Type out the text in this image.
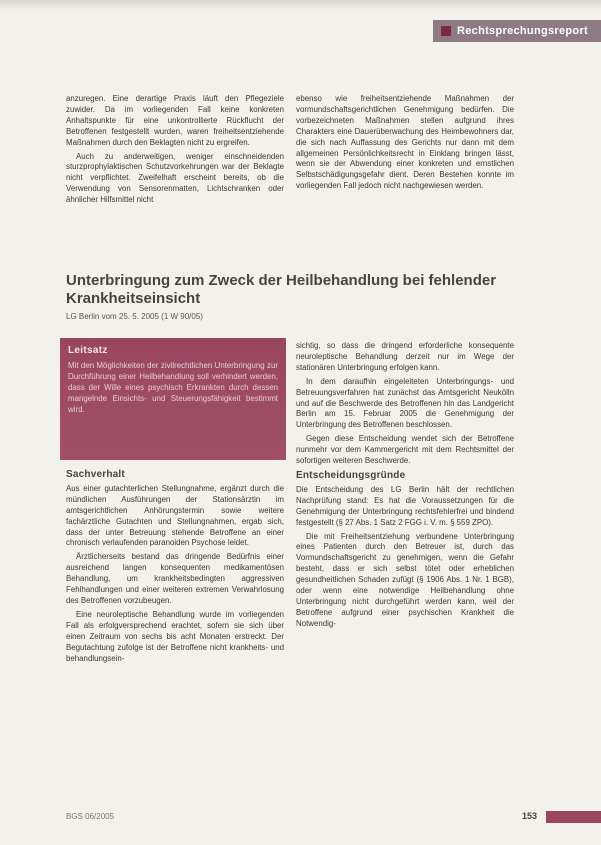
Rechtsprechungsreport

anzuregen. Eine derartige Praxis läuft den Pflegeziele zuwider. Da im vorliegenden Fall keine konkreten Anhaltspunkte für eine unkontrollierte Rückflucht der Betroffenen festgestellt wurden, waren freiheitsentziehende Maßnahmen durch den Beklagten nicht zu ergreifen.

Auch zu anderweitigen, weniger einschneidenden sturzprophylaktischen Schutzvorkehrungen war der Beklagte nicht verpflichtet. Zweifelhaft erscheint bereits, ob die Verwendung von Sensorenmatten, Lichtschranken oder ähnlicher Hilfsmittel nicht

ebenso wie freiheitsentziehende Maßnahmen der vormundschaftsgerichtlichen Genehmigung bedürfen. Die vorbezeichneten Maßnahmen stellen aufgrund ihres Charakters eine Dauerüberwachung des Heimbewohners dar, die sich nach Auffassung des Gerichts nur dann mit dem allgemeinen Persönlichkeitsrecht in Einklang bringen lässt, wenn sie der Abwendung einer konkreten und ernstlichen Selbstschädigungsgefahr dient. Deren Bestehen konnte im vorliegenden Fall jedoch nicht nachgewiesen werden.

Unterbringung zum Zweck der Heilbehandlung bei fehlender Krankheitseinsicht
LG Berlin vom 25. 5. 2005 (1 W 90/05)
Leitsatz
Mit den Möglichkeiten der zivilrechtlichen Unterbringung zur Durchführung einer Heilbehandlung soll verhindert werden, dass der Wille eines psychisch Erkrankten durch dessen mangelnde Einsichts- und Steuerungsfähigkeit bestimmt wird.
Sachverhalt

Aus einer gutachterlichen Stellungnahme, ergänzt durch die mündlichen Ausführungen der Stationsärztin im amtsgerichtlichen Anhörungstermin sowie weitere fachärztliche Gutachten und Stellungnahmen, ergab sich, dass der unter Betreuung stehende Betroffene an einer chronisch verlaufenden paranoiden Psychose leidet.

Ärztlicherseits bestand das dringende Bedürfnis einer ausreichend langen konsequenten medikamentösen Behandlung, um krankheitsbedingten aggressiven Fehlhandlungen und einer weiteren extremen Verwahrlosung des Betroffenen vorzubeugen.

Eine neuroleptische Behandlung wurde im vorliegenden Fall als erfolgversprechend erachtet, sofern sie sich über einen Zeitraum von sechs bis acht Monaten erstreckt. Der Begutachtung zufolge ist der Betroffene nicht krankheits- und behandlungsein-

sichtig, so dass die dringend erforderliche konsequente neuroleptische Behandlung derzeit nur im Wege der stationären Unterbringung erfolgen kann.

In dem daraufhin eingeleiteten Unterbringungs- und Betreuungsverfahren hat zunächst das Amtsgericht Neukölln und auf die Beschwerde des Betroffenen hin das Landgericht Berlin am 15. Februar 2005 die Genehmigung der Unterbringung des Betroffenen beschlossen.

Gegen diese Entscheidung wendet sich der Betroffene nunmehr vor dem Kammergericht mit dem Rechtsmittel der sofortigen weiteren Beschwerde.

Entscheidungsgründe

Die Entscheidung des LG Berlin hält der rechtlichen Nachprüfung stand: Es hat die Voraussetzungen für die Genehmigung der Unterbringung rechtsfehlerfrei und bindend festgestellt (§ 27 Abs. 1 Satz 2 FGG i. V. m. § 559 ZPO).

Die mit Freiheitsentziehung verbundene Unterbringung eines Patienten durch den Betreuer ist, durch das Vormundschaftsgericht zu genehmigen, wenn die Gefahr besteht, dass er sich selbst tötet oder erheblichen gesundheitlichen Schaden zufügt (§ 1906 Abs. 1 Nr. 1 BGB), oder wenn eine notwendige Heilbehandlung ohne Unterbringung nicht durchgeführt werden kann, weil der Betroffene aufgrund einer psychischen Krankheit die Notwendig-

BGS 06/2005	153
